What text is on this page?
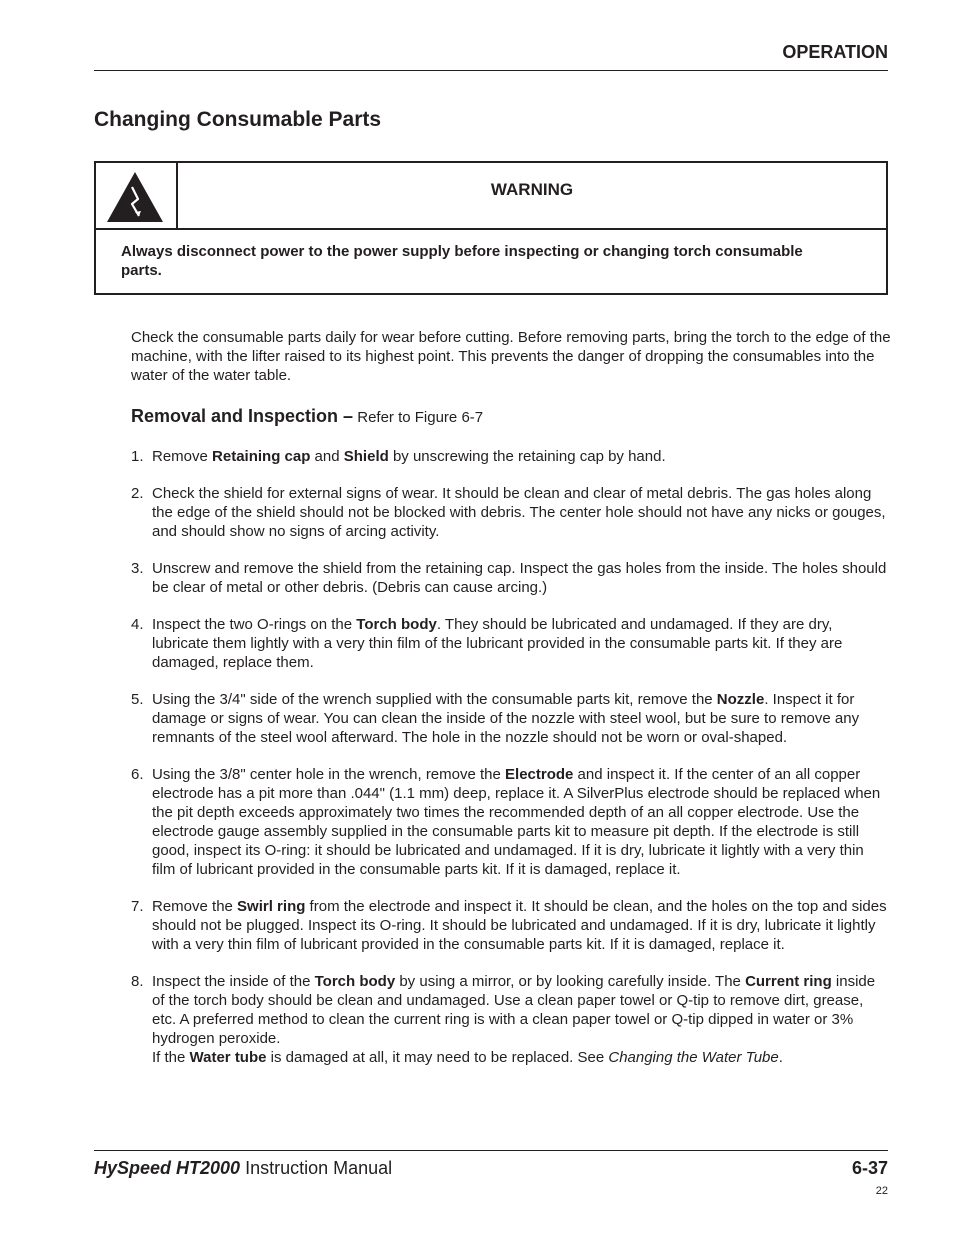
OPERATION
Changing Consumable Parts
WARNING
Always disconnect power to the power supply before inspecting or changing torch consumable parts.
Check the consumable parts daily for wear before cutting. Before removing parts, bring the torch to the edge of the machine, with the lifter raised to its highest point. This prevents the danger of dropping the consumables into the water of the water table.
Removal and Inspection – Refer to Figure 6-7
1. Remove Retaining cap and Shield by unscrewing the retaining cap by hand.
2. Check the shield for external signs of wear. It should be clean and clear of metal debris. The gas holes along the edge of the shield should not be blocked with debris. The center hole should not have any nicks or gouges, and should show no signs of arcing activity.
3. Unscrew and remove the shield from the retaining cap. Inspect the gas holes from the inside. The holes should be clear of metal or other debris. (Debris can cause arcing.)
4. Inspect the two O-rings on the Torch body. They should be lubricated and undamaged. If they are dry, lubricate them lightly with a very thin film of the lubricant provided in the consumable parts kit. If they are damaged, replace them.
5. Using the 3/4" side of the wrench supplied with the consumable parts kit, remove the Nozzle. Inspect it for damage or signs of wear. You can clean the inside of the nozzle with steel wool, but be sure to remove any remnants of the steel wool afterward. The hole in the nozzle should not be worn or oval-shaped.
6. Using the 3/8" center hole in the wrench, remove the Electrode and inspect it. If the center of an all copper electrode has a pit more than .044" (1.1 mm) deep, replace it. A SilverPlus electrode should be replaced when the pit depth exceeds approximately two times the recommended depth of an all copper electrode. Use the electrode gauge assembly supplied in the consumable parts kit to measure pit depth. If the electrode is still good, inspect its O-ring: it should be lubricated and undamaged. If it is dry, lubricate it lightly with a very thin film of lubricant provided in the consumable parts kit. If it is damaged, replace it.
7. Remove the Swirl ring from the electrode and inspect it. It should be clean, and the holes on the top and sides should not be plugged. Inspect its O-ring. It should be lubricated and undamaged. If it is dry, lubricate it lightly with a very thin film of lubricant provided in the consumable parts kit. If it is damaged, replace it.
8. Inspect the inside of the Torch body by using a mirror, or by looking carefully inside. The Current ring inside of the torch body should be clean and undamaged. Use a clean paper towel or Q-tip to remove dirt, grease, etc. A preferred method to clean the current ring is with a clean paper towel or Q-tip dipped in water or 3% hydrogen peroxide.
If the Water tube is damaged at all, it may need to be replaced. See Changing the Water Tube.
HySpeed HT2000 Instruction Manual	6-37
22
